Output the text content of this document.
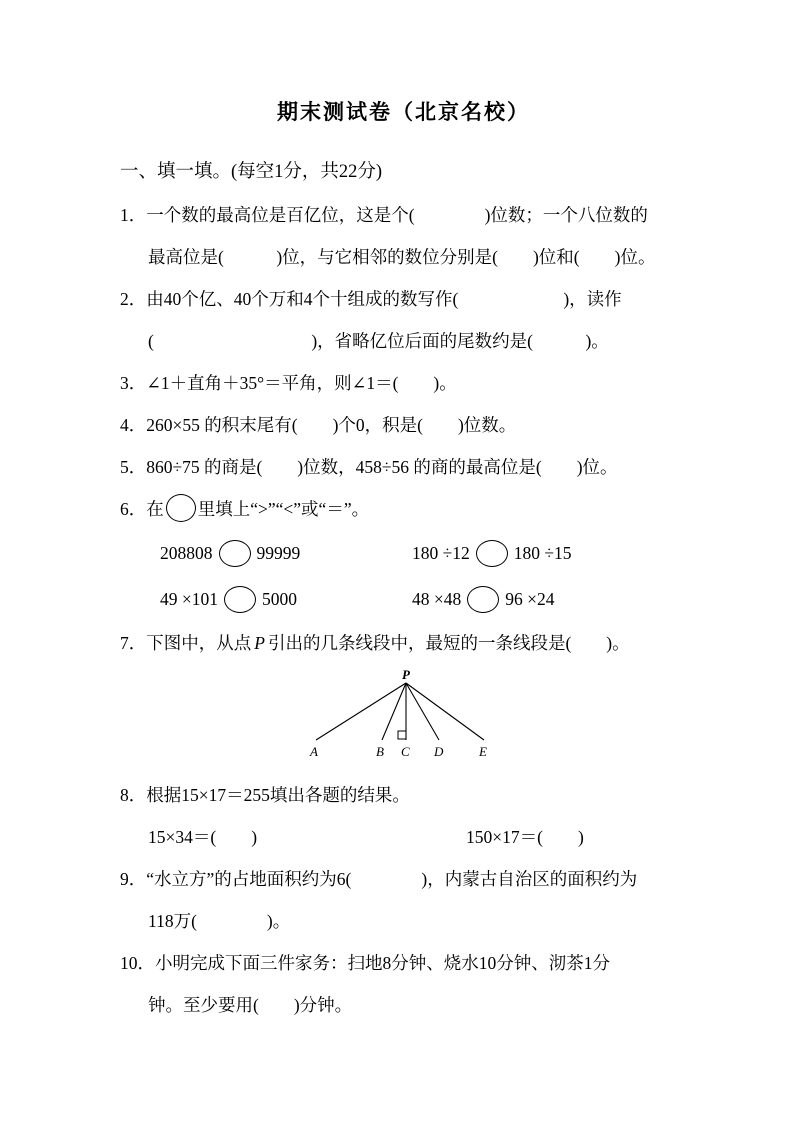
期末测试卷（北京名校）
一、填一填。(每空1分，共22分)
1．一个数的最高位是百亿位，这是个(　　　　)位数；一个八位数的
最高位是(　　　)位，与它相邻的数位分别是(　　)位和(　　)位。
2．由40个亿、40个万和4个十组成的数写作(　　　　　　)，读作
(　　　　　　　　　)，省略亿位后面的尾数约是(　　　)。
3．∠1＋直角＋35°＝平角，则∠1＝(　　)。
4．260×55 的积末尾有(　　)个0，积是(　　)位数。
5．860÷75 的商是(　　)位数，458÷56 的商的最高位是(　　)位。
6．在 里填上“>”“<”或“＝”。
208808	99999	180 ÷12	180 ÷15
49 ×101	5000	48 ×48	96 ×24
7．下图中，从点 P 引出的几条线段中，最短的一条线段是(　　)。
P
A	B C D	E
8．根据15×17＝255填出各题的结果。
15×34＝(　　)	150×17＝(　　)
9．“水立方”的占地面积约为6(　　　　)，内蒙古自治区的面积约为
118万(　　　　)。
10．小明完成下面三件家务：扫地8分钟、烧水10分钟、沏茶1分
钟。至少要用(　　)分钟。
